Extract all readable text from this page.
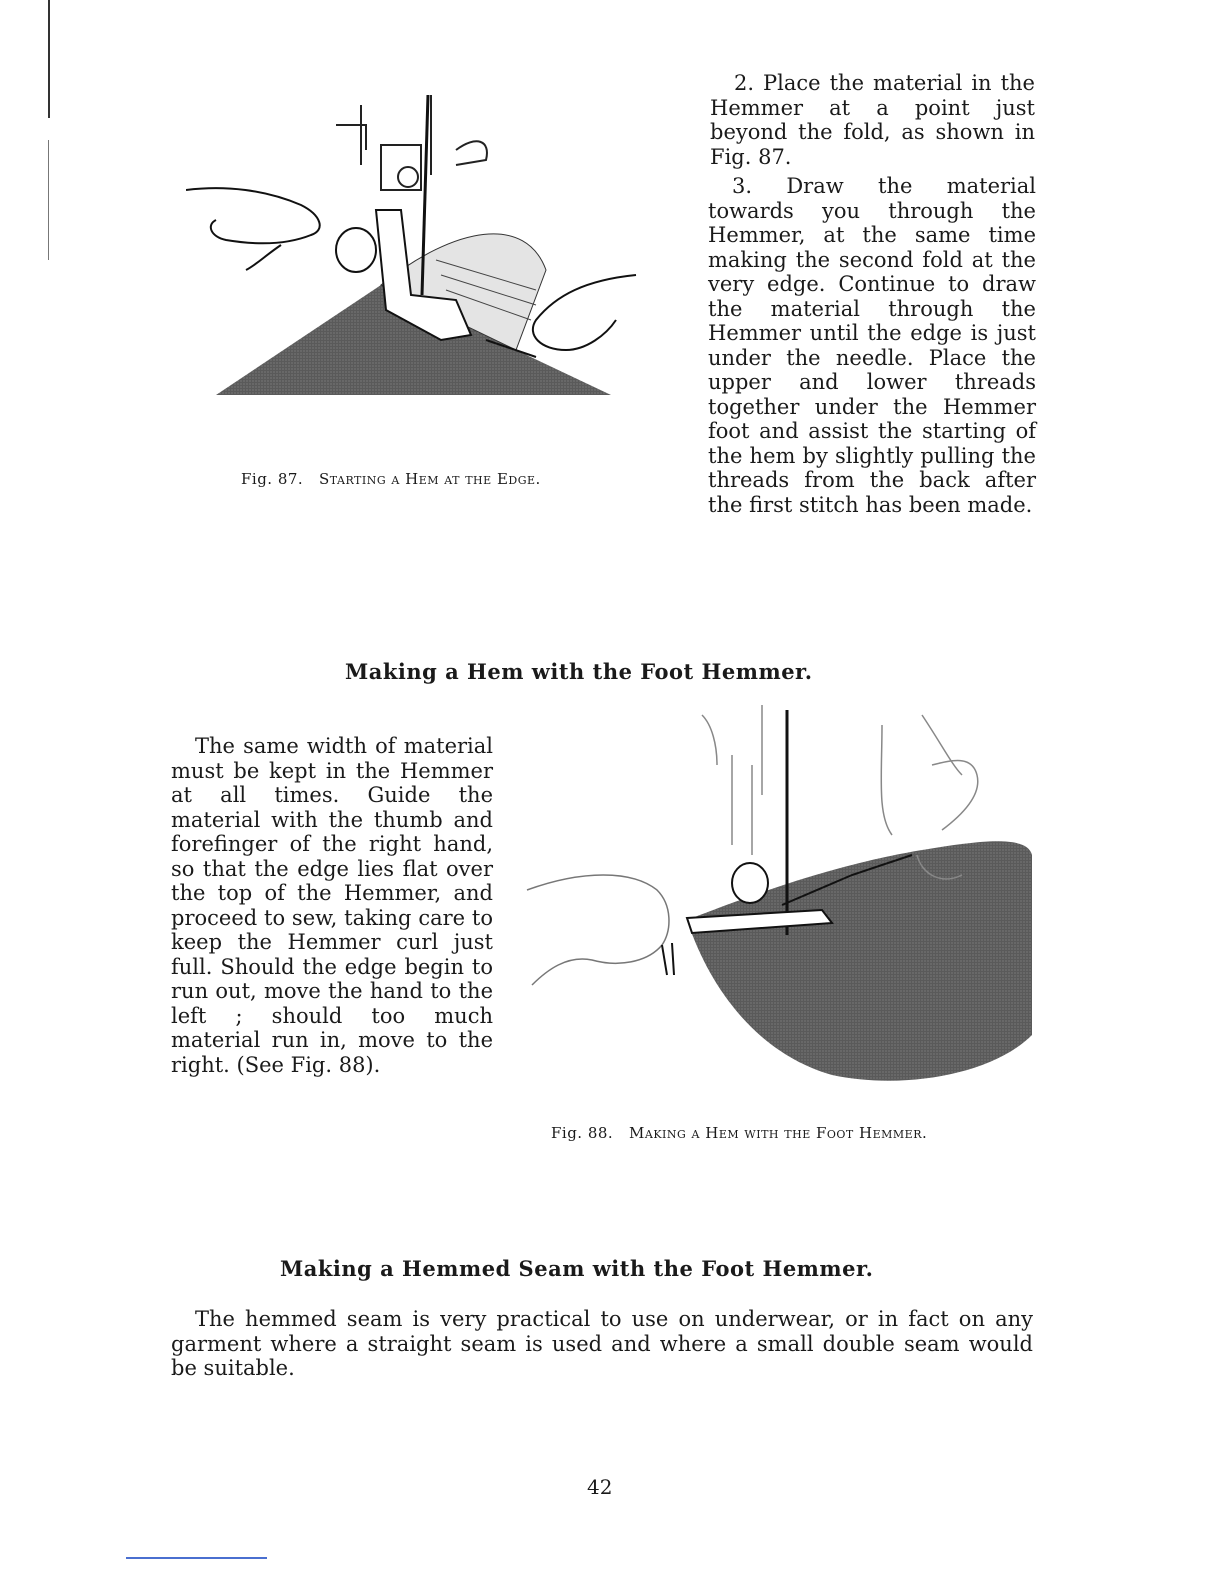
Fig. 87. Starting a Hem at the Edge.

2. Place the material in the Hemmer at a point just beyond the fold, as shown in Fig. 87.

3. Draw the material towards you through the Hemmer, at the same time making the second fold at the very edge. Continue to draw the material through the Hemmer until the edge is just under the needle. Place the upper and lower threads together under the Hemmer foot and assist the starting of the hem by slightly pulling the threads from the back after the first stitch has been made.

Making a Hem with the Foot Hemmer.

The same width of material must be kept in the Hemmer at all times. Guide the material with the thumb and forefinger of the right hand, so that the edge lies flat over the top of the Hemmer, and proceed to sew, taking care to keep the Hemmer curl just full. Should the edge begin to run out, move the hand to the left ; should too much material run in, move to the right. (See Fig. 88).

Fig. 88. Making a Hem with the Foot Hemmer.
Making a Hemmed Seam with the Foot Hemmer.

The hemmed seam is very practical to use on underwear, or in fact on any garment where a straight seam is used and where a small double seam would be suitable.

42
